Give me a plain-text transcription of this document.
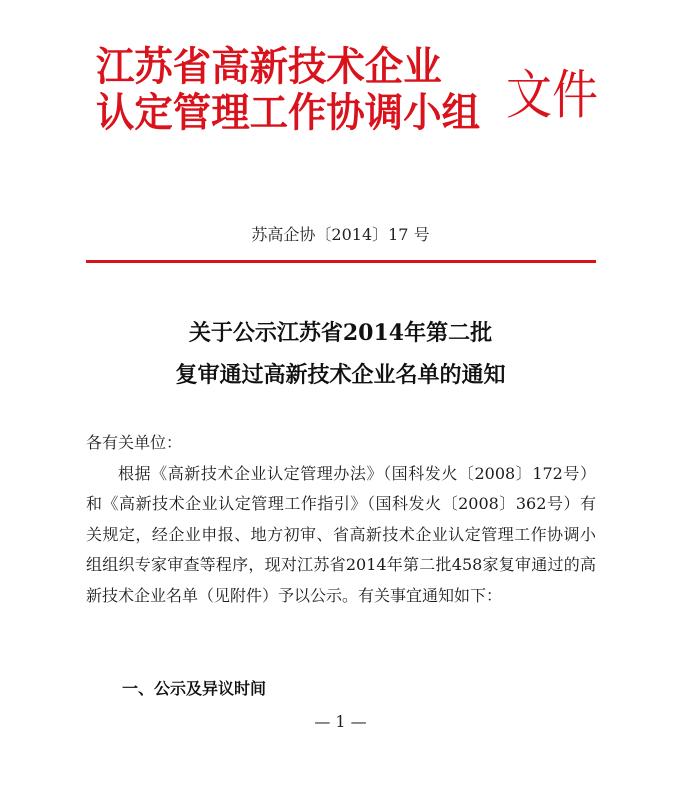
江苏省高新技术企业
认定管理工作协调小组 文件
苏高企协〔2014〕17 号
关于公示江苏省2014年第二批
复审通过高新技术企业名单的通知
各有关单位：
根据《高新技术企业认定管理办法》（国科发火〔2008〕172号）和《高新技术企业认定管理工作指引》（国科发火〔2008〕362号）有关规定，经企业申报、地方初审、省高新技术企业认定管理工作协调小组组织专家审查等程序，现对江苏省2014年第二批458家复审通过的高新技术企业名单（见附件）予以公示。有关事宜通知如下：
一、公示及异议时间
— 1 —
